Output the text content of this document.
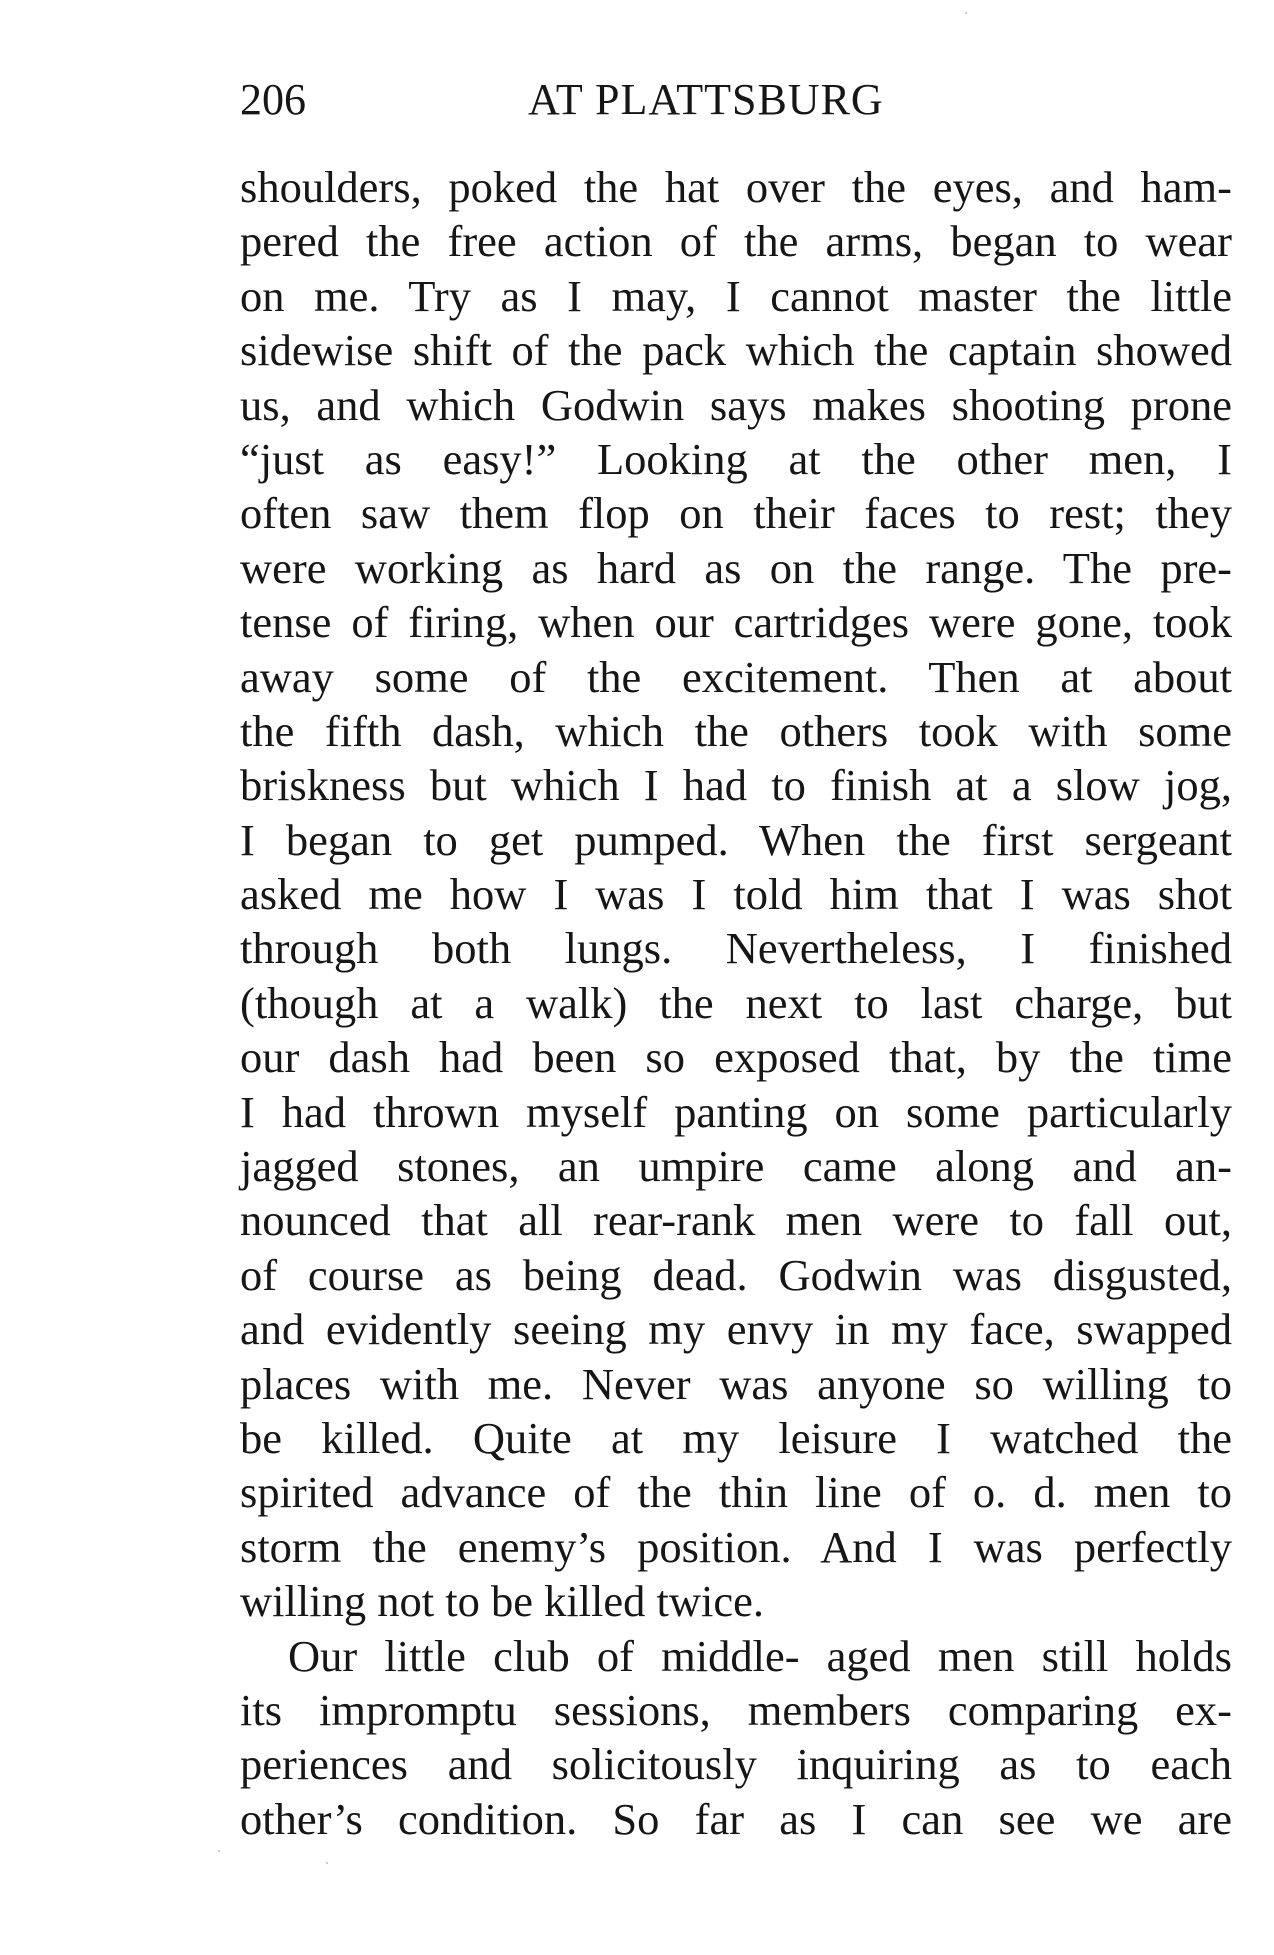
206	AT PLATTSBURG
shoulders, poked the hat over the eyes, and ham-
pered the free action of the arms, began to wear
on me. Try as I may, I cannot master the little
sidewise shift of the pack which the captain showed
us, and which Godwin says makes shooting prone
“just as easy!” Looking at the other men, I
often saw them flop on their faces to rest; they
were working as hard as on the range. The pre-
tense of firing, when our cartridges were gone, took
away some of the excitement. Then at about
the fifth dash, which the others took with some
briskness but which I had to finish at a slow jog,
I began to get pumped. When the first sergeant
asked me how I was I told him that I was shot
through both lungs. Nevertheless, I finished
(though at a walk) the next to last charge, but
our dash had been so exposed that, by the time
I had thrown myself panting on some particularly
jagged stones, an umpire came along and an-
nounced that all rear-rank men were to fall out,
of course as being dead. Godwin was disgusted,
and evidently seeing my envy in my face, swapped
places with me. Never was anyone so willing to
be killed. Quite at my leisure I watched the
spirited advance of the thin line of o. d. men to
storm the enemy’s position. And I was perfectly
willing not to be killed twice.
Our little club of middle- aged men still holds
its impromptu sessions, members comparing ex-
periences and solicitously inquiring as to each
other’s condition. So far as I can see we are
